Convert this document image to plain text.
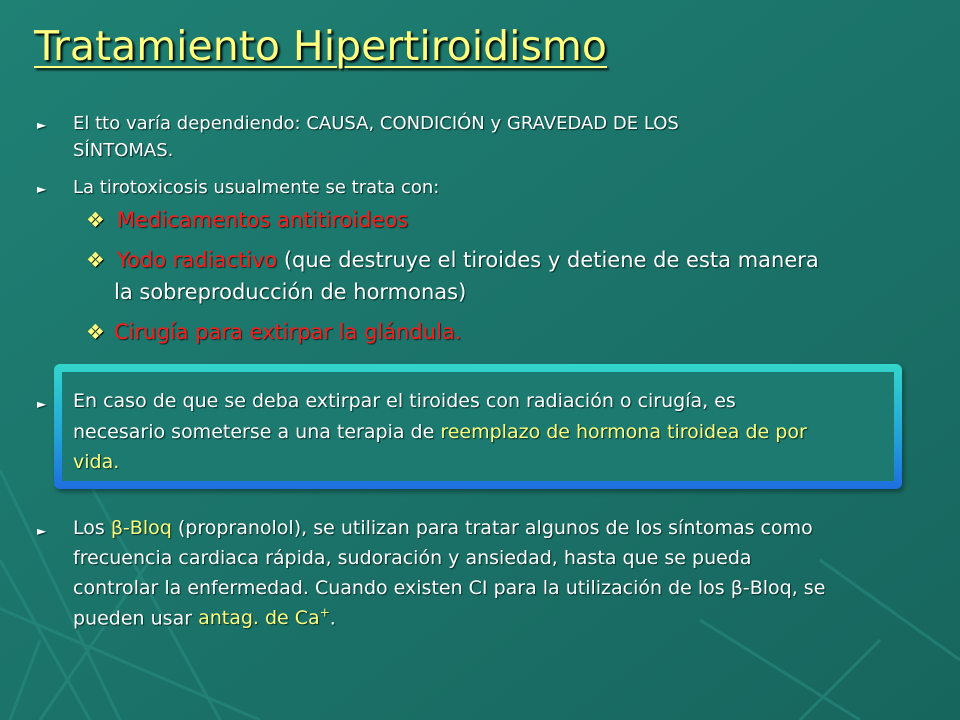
Tratamiento Hipertiroidismo
► El tto varía dependiendo: CAUSA, CONDICIÓN y GRAVEDAD DE LOS

SÍNTOMAS.

► La tirotoxicosis usualmente se trata con:

❖ Medicamentos antitiroideos

❖ Yodo radiactivo (que destruye el tiroides y detiene de esta manera

la sobreproducción de hormonas)

❖ Cirugía para extirpar la glándula.

► En caso de que se deba extirpar el tiroides con radiación o cirugía, es

necesario someterse a una terapia de reemplazo de hormona tiroidea de por

vida.

► Los β-Bloq (propranolol), se utilizan para tratar algunos de los síntomas como

frecuencia cardiaca rápida, sudoración y ansiedad, hasta que se pueda

controlar la enfermedad. Cuando existen CI para la utilización de los β-Bloq, se

pueden usar antag. de Ca+.
